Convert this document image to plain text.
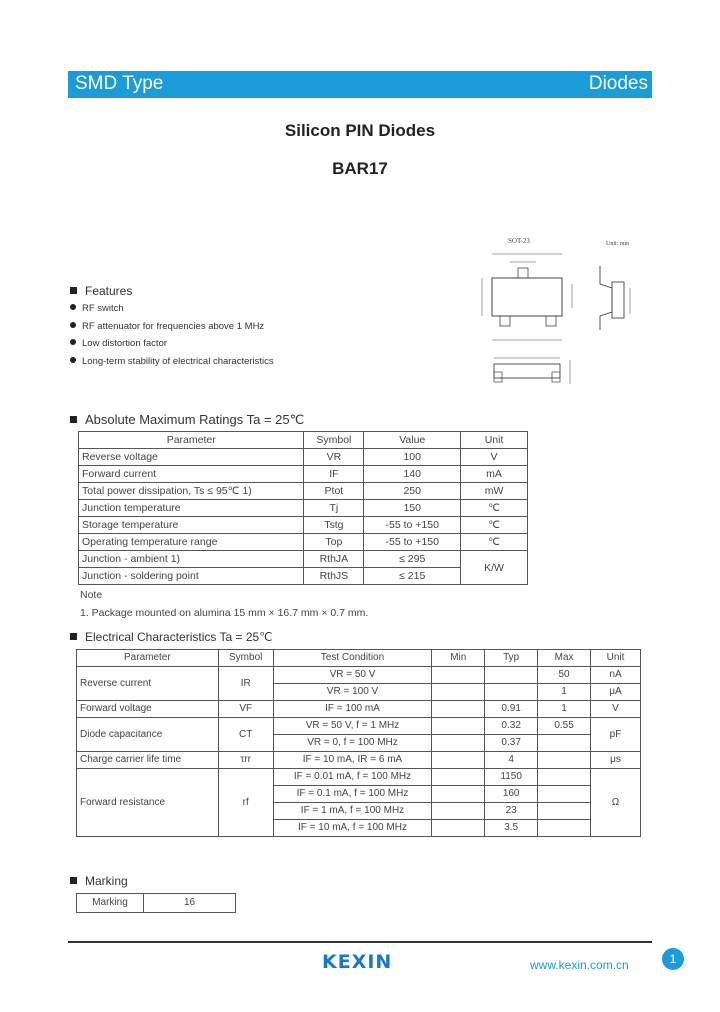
SMD Type	Diodes
Silicon PIN Diodes
BAR17
SOT-23	Unit: mm
Features
RF switch
RF attenuator for frequencies above 1 MHz
Low distortion factor
Long-term stability of electrical characteristics
Absolute Maximum Ratings Ta = 25℃
Parameter	Symbol	Value	Unit
Reverse voltage	VR	100	V
Forward current	IF	140	mA
Total power dissipation, Ts ≤ 95℃ 1)	Ptot	250	mW
Junction temperature	Tj	150	℃
Storage temperature	Tstg	-55 to +150	℃
Operating temperature range	Top	-55 to +150	℃
Junction - ambient 1)	RthJA	≤ 295	K/W
Junction - soldering point	RthJS	≤ 215	
Note
1. Package mounted on alumina 15 mm × 16.7 mm × 0.7 mm.
Electrical Characteristics Ta = 25℃
Parameter	Symbol	Test Condition	Min	Typ	Max	Unit
Reverse current	IR	VR = 50 V			50	nA
		VR = 100 V			1	μA
Forward voltage	VF	IF = 100 mA		0.91	1	V
Diode capacitance	CT	VR = 50 V, f = 1 MHz		0.32	0.55	pF
		VR = 0, f = 100 MHz		0.37		
Charge carrier life time	τrr	IF = 10 mA, IR = 6 mA		4		μs
Forward resistance	rf	IF = 0.01 mA, f = 100 MHz		1150		Ω
		IF = 0.1 mA, f = 100 MHz		160		
		IF = 1 mA, f = 100 MHz		23		
		IF = 10 mA, f = 100 MHz		3.5		
Marking
Marking	16
KEXIN	www.kexin.com.cn	1
